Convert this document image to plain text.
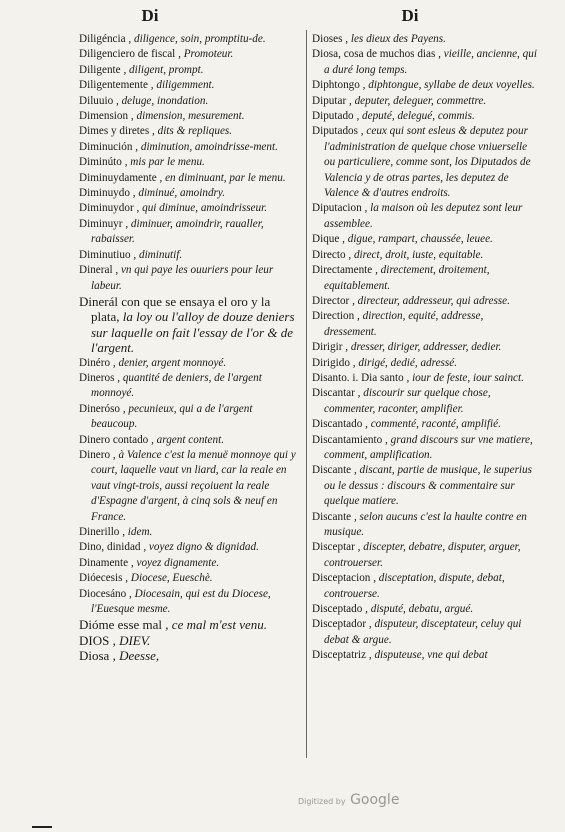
Di	Di

Diligéncia , diligence, soin, promptitu-de.

Diligenciero de fiscal , Promoteur.

Diligente , diligent, prompt.

Diligentemente , diligemment.

Diluuio , deluge, inondation.

Dimension , dimension, mesurement.

Dimes y diretes , dits & repliques.

Diminución , diminution, amoindrisse-ment.

Diminúto , mis par le menu.

Diminuydamente , en diminuant, par le menu.

Diminuydo , diminué, amoindry.

Diminuydor , qui diminue, amoindrisseur.

Diminuyr , diminuer, amoindrir, raualler, rabaisser.

Diminutiuo , diminutif.

Dineral , vn qui paye les ouuriers pour leur labeur.

Dinerál con que se ensaya el oro y la plata, la loy ou l'alloy de douze deniers sur laquelle on fait l'essay de l'or & de l'argent.

Dinéro , denier, argent monnoyé.

Dineros , quantité de deniers, de l'argent monnoyé.

Dineróso , pecunieux, qui a de l'argent beaucoup.

Dinero contado , argent content.

Dinero , à Valence c'est la menuë monnoye qui y court, laquelle vaut vn liard, car la reale en vaut vingt-trois, aussi reçoiuent la reale d'Espagne d'argent, à cinq sols & neuf en France.

Dinerillo , idem.

Dino, dinidad , voyez digno & dignidad.

Dinamente , voyez dignamente.

Dióecesis , Diocese, Eueschè.

Diocesáno , Diocesain, qui est du Diocese, l'Euesque mesme.

Dióme esse mal , ce mal m'est venu.

DIOS , DIEV.

Diosa , Deesse,

Dioses , les dieux des Payens.

Diosa, cosa de muchos dias , vieille, ancienne, qui a duré long temps.

Diphtongo , diphtongue, syllabe de deux voyelles.

Diputar , deputer, deleguer, commettre.

Diputado , deputé, delegué, commis.

Diputados , ceux qui sont esleus & deputez pour l'administration de quelque chose vniuerselle ou particuliere, comme sont, los Diputados de Valencia y de otras partes, les deputez de Valence & d'autres endroits.

Diputacion , la maison où les deputez sont leur assemblee.

Dique , digue, rampart, chaussée, leuee.

Directo , direct, droit, iuste, equitable.

Directamente , directement, droitement, equitablement.

Director , directeur, addresseur, qui adresse.

Direction , direction, equité, addresse, dressement.

Dirigir , dresser, diriger, addresser, dedier.

Dirigido , dirigé, dedié, adressé.

Disanto. i. Dia santo , iour de feste, iour sainct.

Discantar , discourir sur quelque chose, commenter, raconter, amplifier.

Discantado , commenté, raconté, amplifié.

Discantamiento , grand discours sur vne matiere, comment, amplification.

Discante , discant, partie de musique, le superius ou le dessus : discours & commentaire sur quelque matiere.

Discante , selon aucuns c'est la haulte contre en musique.

Disceptar , discepter, debatre, disputer, arguer, controuerser.

Disceptacion , disceptation, dispute, debat, controuerse.

Disceptado , disputé, debatu, argué.

Disceptador , disputeur, disceptateur, celuy qui debat & argue.

Disceptatriz , disputeuse, vne qui debat

Digitized by Google
